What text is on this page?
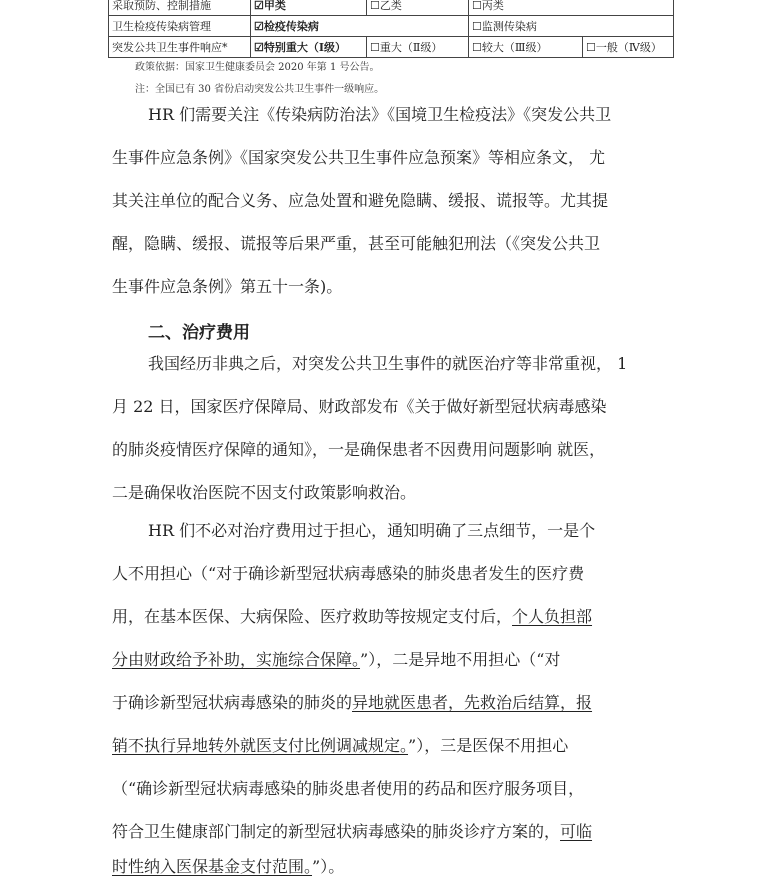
采取预防、控制措施	☑甲类	☐乙类	☐丙类	
卫生检疫传染病管理	☑检疫传染病		☐监测传染病	
突发公共卫生事件响应*	☑特别重大（Ⅰ级）	☐重大（Ⅱ级）	☐较大（Ⅲ级）	☐一般（Ⅳ级）
政策依据：国家卫生健康委员会 2020 年第 1 号公告。
注：全国已有 30 省份启动突发公共卫生事件一级响应。
HR 们需要关注《传染病防治法》《国境卫生检疫法》《突发公共卫
生事件应急条例》《国家突发公共卫生事件应急预案》等相应条文， 尤
其关注单位的配合义务、应急处置和避免隐瞒、缓报、谎报等。尤其提
醒，隐瞒、缓报、谎报等后果严重，甚至可能触犯刑法（《突发公共卫
生事件应急条例》第五十一条)。
二、治疗费用
我国经历非典之后，对突发公共卫生事件的就医治疗等非常重视， 1
月 22 日，国家医疗保障局、财政部发布《关于做好新型冠状病毒感染
的肺炎疫情医疗保障的通知》，一是确保患者不因费用问题影响 就医，
二是确保收治医院不因支付政策影响救治。
HR 们不必对治疗费用过于担心，通知明确了三点细节，一是个
人不用担心（“对于确诊新型冠状病毒感染的肺炎患者发生的医疗费
用，在基本医保、大病保险、医疗救助等按规定支付后，个人负担部
分由财政给予补助，实施综合保障。”），二是异地不用担心（“对
于确诊新型冠状病毒感染的肺炎的异地就医患者，先救治后结算，报
销不执行异地转外就医支付比例调减规定。”），三是医保不用担心
（“确诊新型冠状病毒感染的肺炎患者使用的药品和医疗服务项目，
符合卫生健康部门制定的新型冠状病毒感染的肺炎诊疗方案的，可临
时性纳入医保基金支付范围。”）。
